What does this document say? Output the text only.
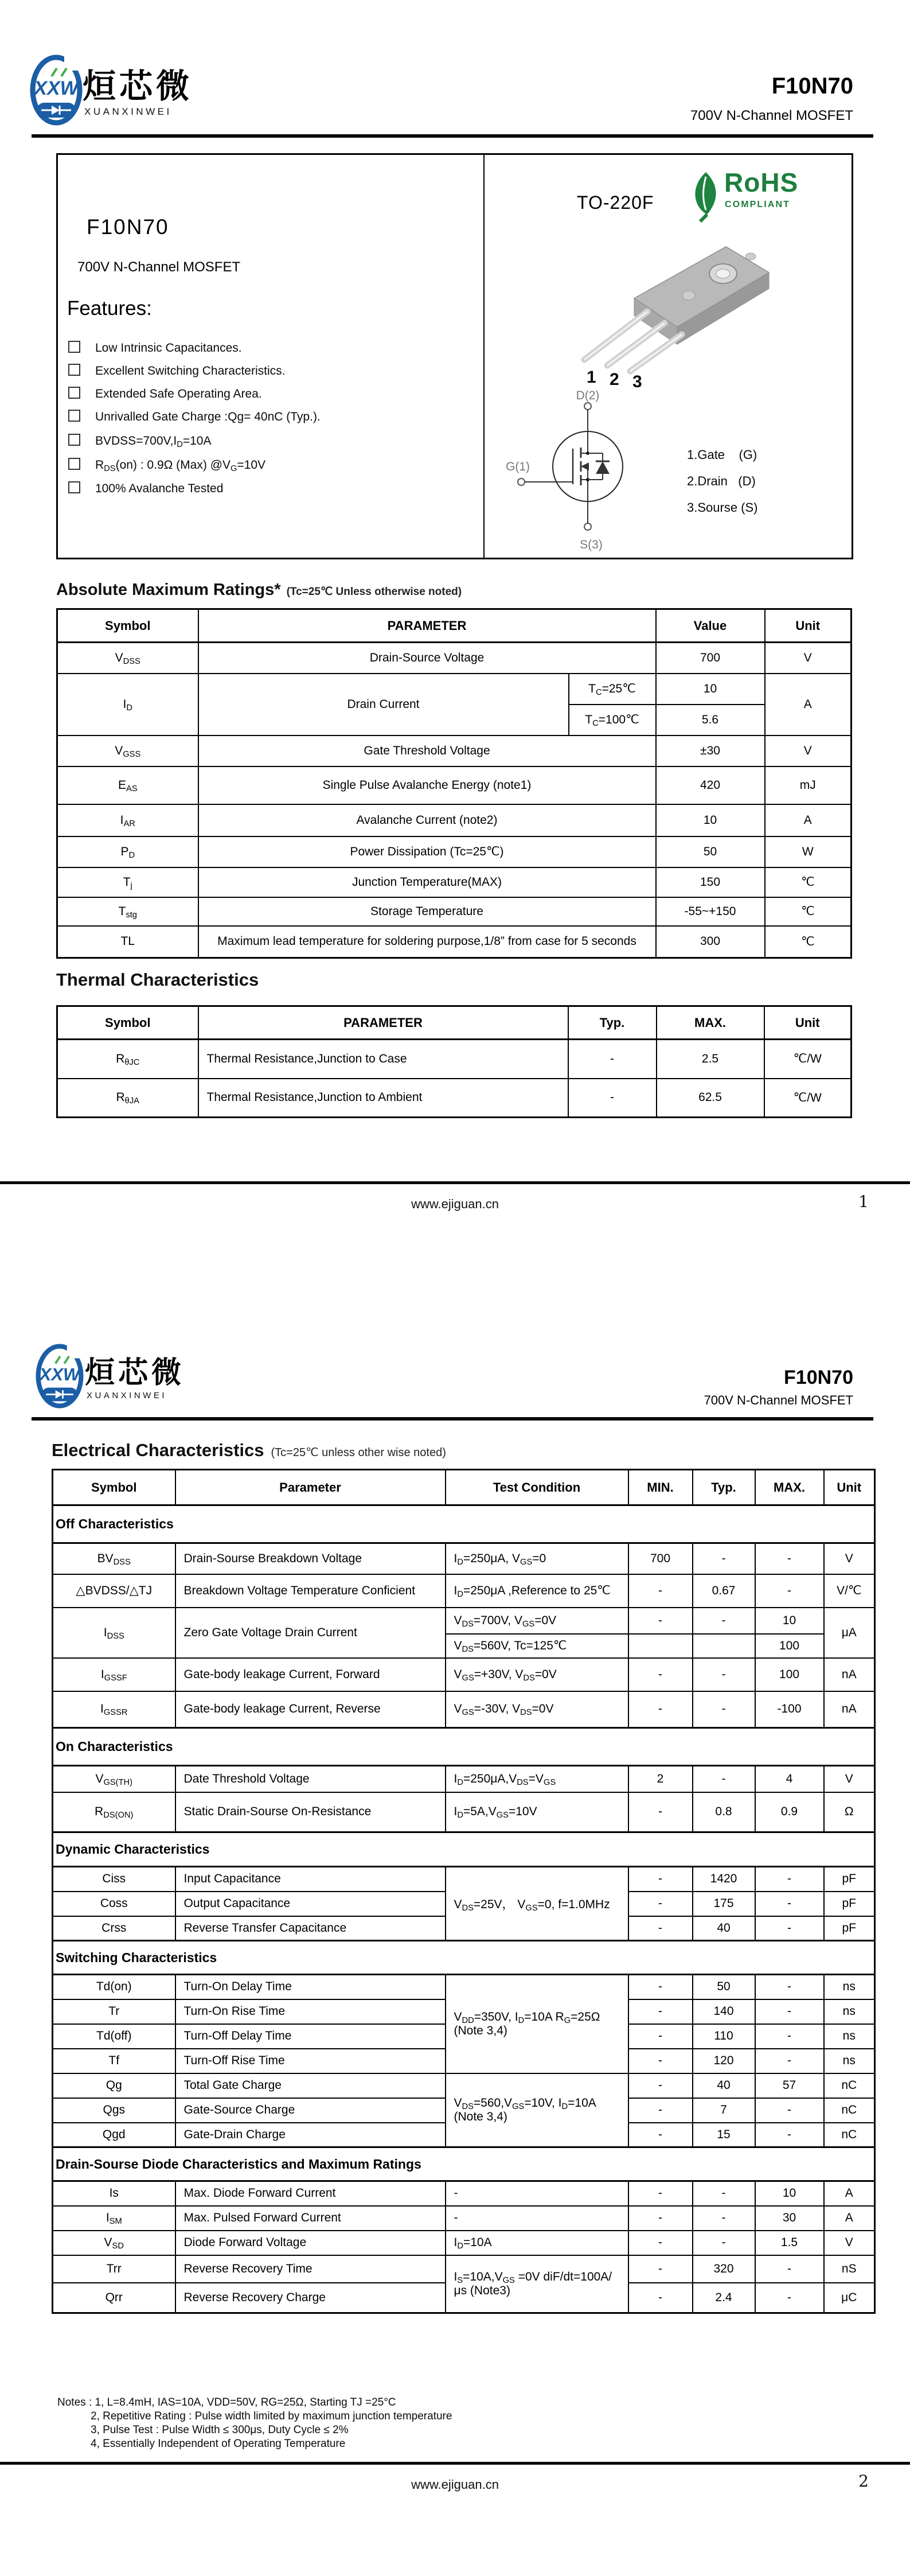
XXW 烜芯微
XUANXINWEI
F10N70
700V N-Channel MOSFET
F10N70
700V N-Channel MOSFET
Features:
Low Intrinsic Capacitances.
Excellent Switching Characteristics.
Extended Safe Operating Area.
Unrivalled Gate Charge :Qg= 40nC (Typ.).
$BVDSS=700V,I_D=10A$
$R_{DS}(on)$ : 0.9Ω (Max) $@V_G=10V$
100% Avalanche Tested
TO-220F
RoHS
COMPLIANT
1 2 3
D(2)
G(1)
S(3)
1.Gate    (G)
2.Drain   (D)
3.Sourse (S)
Absolute Maximum Ratings* (Tc=25℃ Unless otherwise noted)
Symbol	PARAMETER		Value	Unit
$V_{DSS}$	Drain-Source Voltage		700	V
$I_D$	Drain Current	$T_C=25℃$	10	A
		$T_C=100℃$	5.6	
$V_{GSS}$	Gate Threshold Voltage		±30	V
$E_{AS}$	Single Pulse Avalanche Energy (note1)		420	mJ
$I_{AR}$	Avalanche Current (note2)		10	A
$P_D$	Power Dissipation (Tc=25℃)		50	W
$T_j$	Junction Temperature(MAX)		150	℃
$T_{stg}$	Storage Temperature		-55~+150	℃
TL	Maximum lead temperature for soldering purpose,1/8” from case for 5 seconds		300	℃
Thermal Characteristics
Symbol	PARAMETER	Typ.	MAX.	Unit
$R_{\theta JC}$	Thermal Resistance,Junction to Case	-	2.5	℃/W
$R_{\theta JA}$	Thermal Resistance,Junction to Ambient	-	62.5	℃/W
www.ejiguan.cn	1
XXW 烜芯微
XUANXINWEI
F10N70
700V N-Channel MOSFET
Electrical Characteristics (Tc=25℃ unless other wise noted)
Symbol	Parameter	Test Condition	MIN.	Typ.	MAX.	Unit
Off Characteristics						
$BV_{DSS}$	Drain-Sourse Breakdown Voltage	$I_D=250\mu A$, $V_{GS}=0$	700	-	-	V
△BVDSS/△TJ	Breakdown Voltage Temperature Conficient	$I_D=250\mu A$ ,Reference to 25℃	-	0.67	-	V/℃
$I_{DSS}$	Zero Gate Voltage Drain Current	$V_{DS}=700V$, $V_{GS}=0V$	-	-	10	μA
		$V_{DS}=560V$, Tc=125℃			100	
$I_{GSSF}$	Gate-body leakage Current, Forward	$V_{GS}=+30V$, $V_{DS}=0V$	-	-	100	nA
$I_{GSSR}$	Gate-body leakage Current, Reverse	$V_{GS}=-30V$, $V_{DS}=0V$	-	-	-100	nA
On Characteristics						
$V_{GS(TH)}$	Date Threshold Voltage	$I_D=250\mu A,V_{DS}=V_{GS}$	2	-	4	V
$R_{DS(ON)}$	Static Drain-Sourse On-Resistance	$I_D=5A,V_{GS}=10V$	-	0.8	0.9	Ω
Dynamic Characteristics						
Ciss	Input Capacitance	$V_{DS}=25V$， $V_{GS}=0$, f=1.0MHz	-	1420	-	pF
Coss	Output Capacitance		-	175	-	pF
Crss	Reverse Transfer Capacitance		-	40	-	pF
Switching Characteristics						
Td(on)	Turn-On Delay Time	$V_{DD}=350V$, $I_D=10A$ $R_G=25\Omega$ (Note 3,4)	-	50	-	ns
Tr	Turn-On Rise Time		-	140	-	ns
Td(off)	Turn-Off Delay Time		-	110	-	ns
Tf	Turn-Off Rise Time		-	120	-	ns
Qg	Total Gate Charge	$V_{DS}=560,V_{GS}=10V$, $I_D=10A$ (Note 3,4)	-	40	57	nC
Qgs	Gate-Source Charge		-	7	-	nC
Qgd	Gate-Drain Charge		-	15	-	nC
Drain-Sourse Diode Characteristics and Maximum Ratings						
Is	Max. Diode Forward Current	-	-	-	10	A
$I_{SM}$	Max. Pulsed Forward Current	-	-	-	30	A
$V_{SD}$	Diode Forward Voltage	$I_D=10A$	-	-	1.5	V
Trr	Reverse Recovery Time	$I_S=10A,V_{GS} =0V$ diF/dt=100A/μs (Note3)	-	320	-	nS
Qrr	Reverse Recovery Charge		-	2.4	-	μC
Notes : 1, L=8.4mH, IAS=10A, VDD=50V, RG=25Ω, Starting TJ =25°C
2, Repetitive Rating : Pulse width limited by maximum junction temperature
3, Pulse Test : Pulse Width ≤ 300μs, Duty Cycle ≤ 2%
4, Essentially Independent of Operating Temperature
www.ejiguan.cn	2
